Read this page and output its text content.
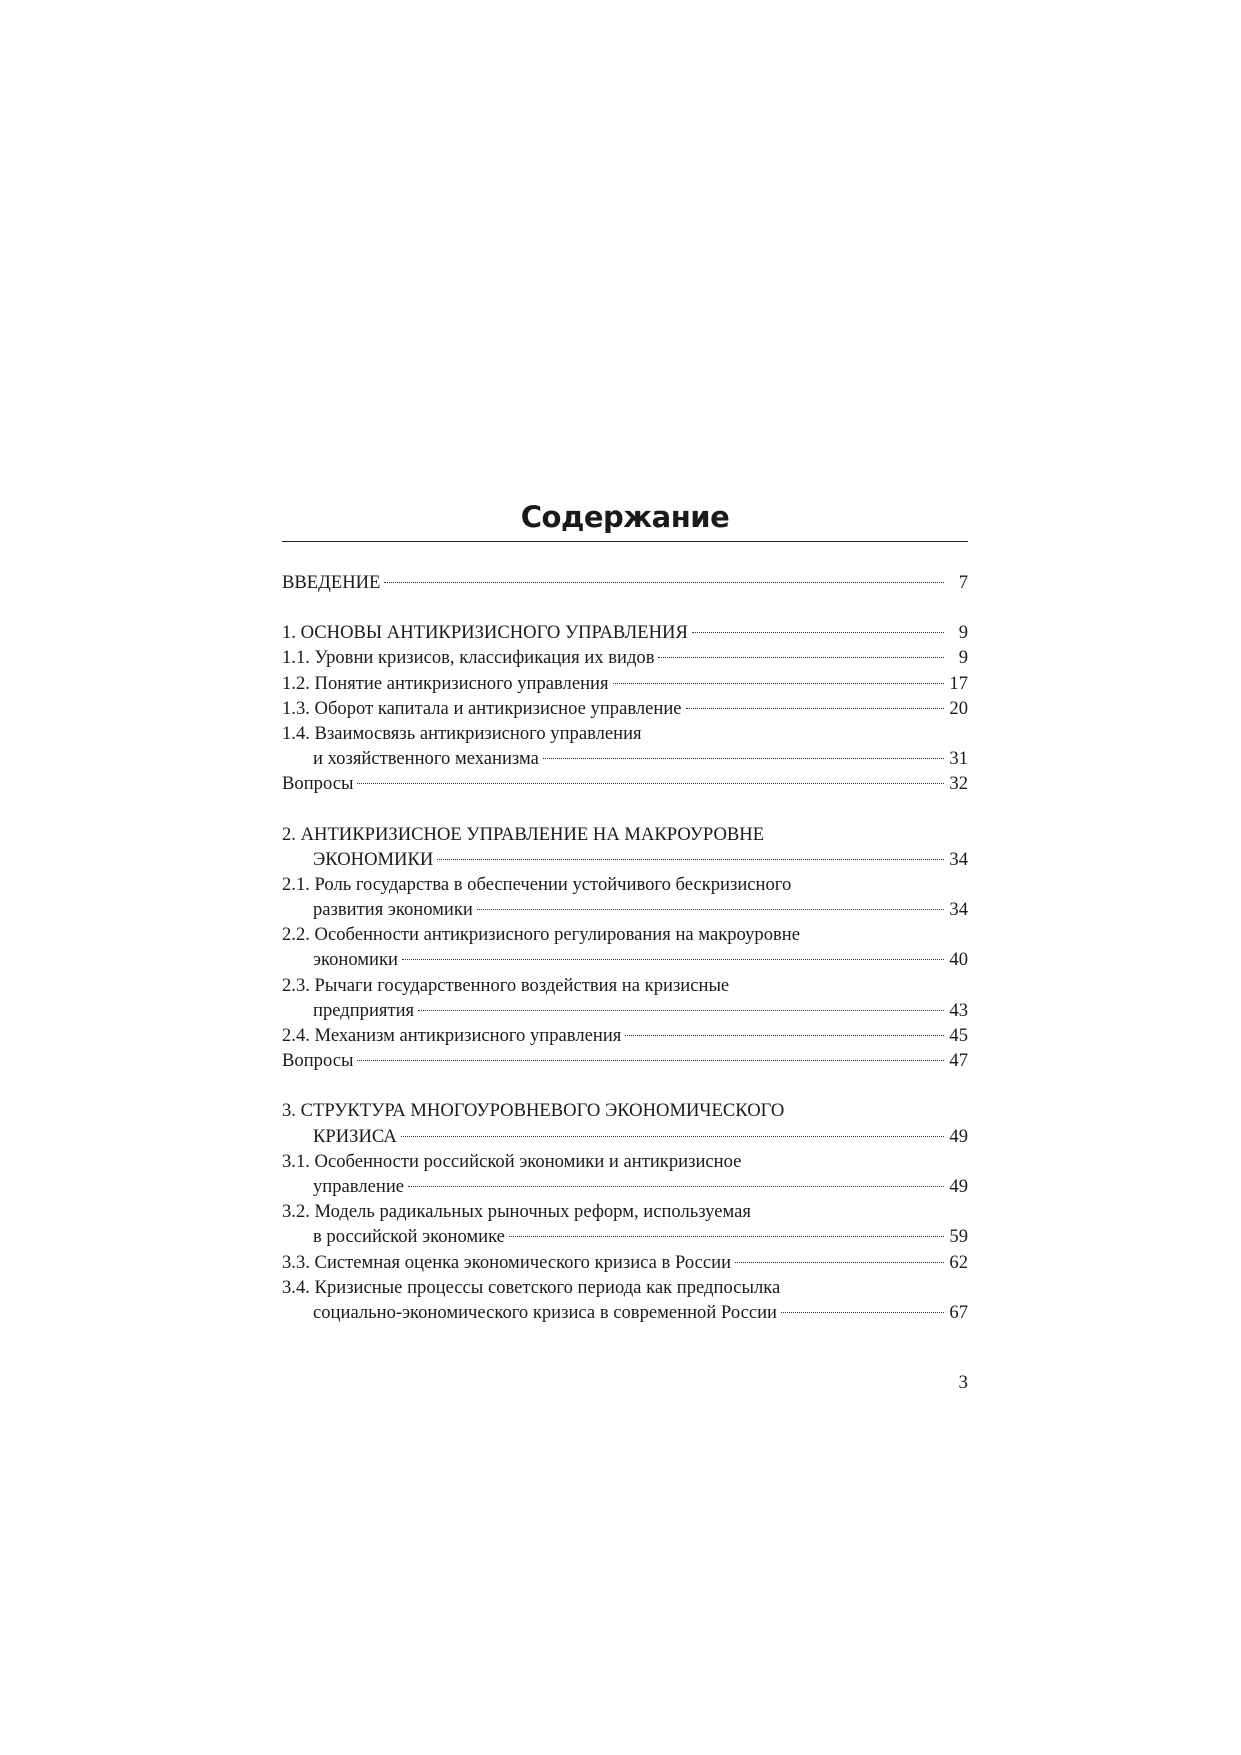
Содержание
ВВЕДЕНИЕ	7
1. ОСНОВЫ АНТИКРИЗИСНОГО УПРАВЛЕНИЯ	9
1.1. Уровни кризисов, классификация их видов	9
1.2. Понятие антикризисного управления	17
1.3. Оборот капитала и антикризисное управление	20
1.4. Взаимосвязь антикризисного управления
и хозяйственного механизма	31
Вопросы	32
2. АНТИКРИЗИСНОЕ УПРАВЛЕНИЕ НА МАКРОУРОВНЕ
ЭКОНОМИКИ	34
2.1. Роль государства в обеспечении устойчивого бескризисного
развития экономики	34
2.2. Особенности антикризисного регулирования на макроуровне
экономики	40
2.3. Рычаги государственного воздействия на кризисные
предприятия	43
2.4. Механизм антикризисного управления	45
Вопросы	47
3. СТРУКТУРА МНОГОУРОВНЕВОГО ЭКОНОМИЧЕСКОГО
КРИЗИСА	49
3.1. Особенности российской экономики и антикризисное
управление	49
3.2. Модель радикальных рыночных реформ, используемая
в российской экономике	59
3.3. Системная оценка экономического кризиса в России	62
3.4. Кризисные процессы советского периода как предпосылка
социально-экономического кризиса в современной России	67
3
